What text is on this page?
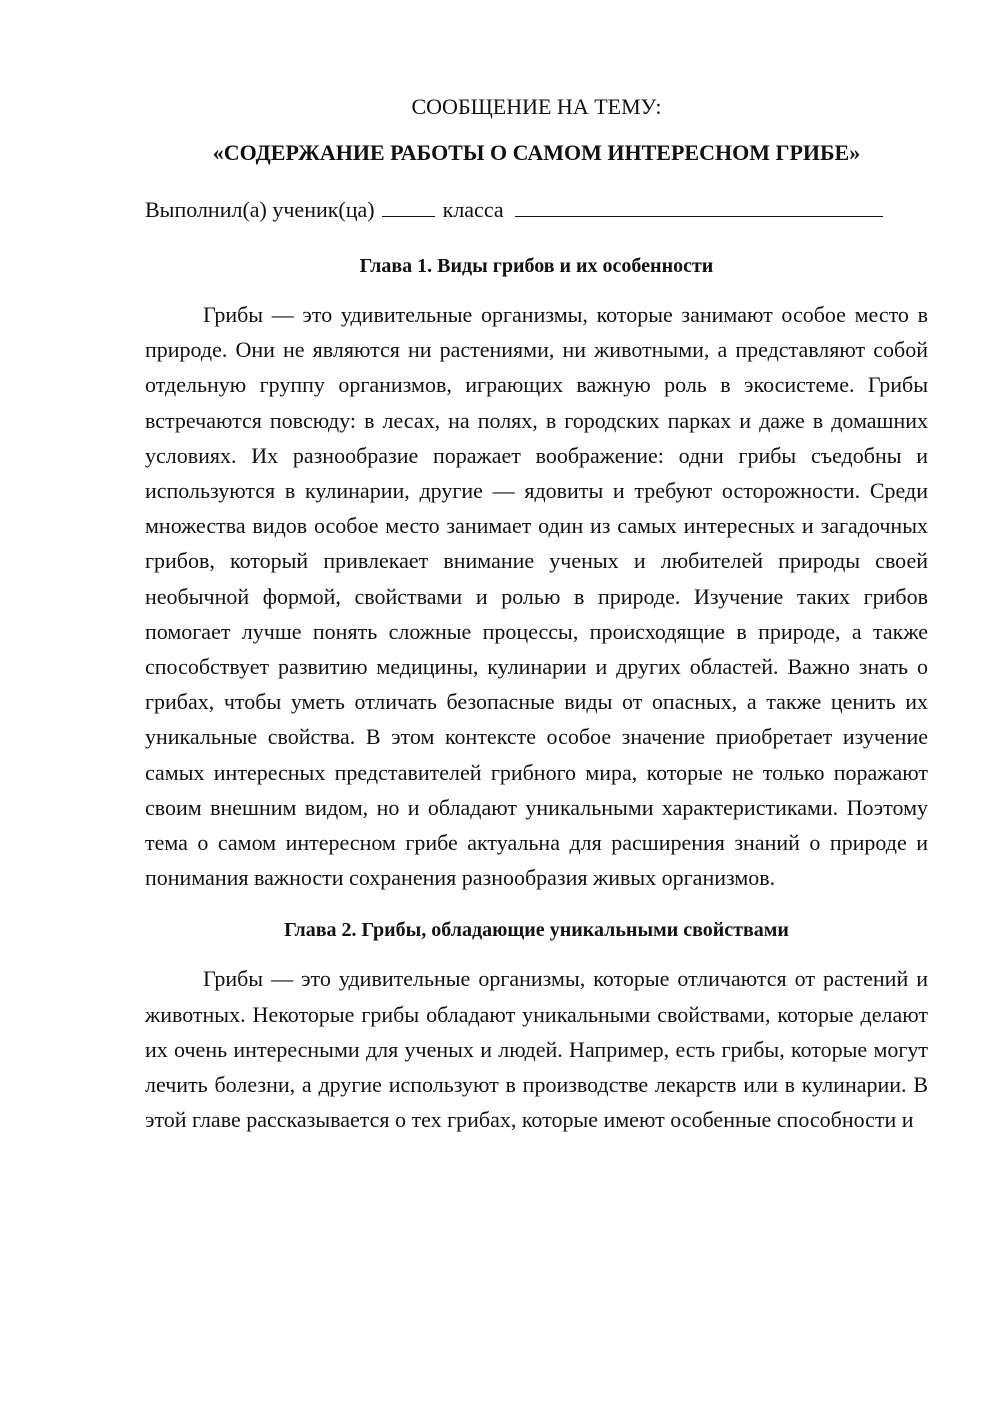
СООБЩЕНИЕ НА ТЕМУ:

«СОДЕРЖАНИЕ РАБОТЫ О САМОМ ИНТЕРЕСНОМ ГРИБЕ»

Выполнил(а) ученик(ца)	класса
Глава 1. Виды грибов и их особенности

Грибы — это удивительные организмы, которые занимают особое место в природе. Они не являются ни растениями, ни животными, а представляют собой отдельную группу организмов, играющих важную роль в экосистеме. Грибы встречаются повсюду: в лесах, на полях, в городских парках и даже в домашних условиях. Их разнообразие поражает воображение: одни грибы съедобны и используются в кулинарии, другие — ядовиты и требуют осторожности. Среди множества видов особое место занимает один из самых интересных и загадочных грибов, который привлекает внимание ученых и любителей природы своей необычной формой, свойствами и ролью в природе. Изучение таких грибов помогает лучше понять сложные процессы, происходящие в природе, а также способствует развитию медицины, кулинарии и других областей. Важно знать о грибах, чтобы уметь отличать безопасные виды от опасных, а также ценить их уникальные свойства. В этом контексте особое значение приобретает изучение самых интересных представителей грибного мира, которые не только поражают своим внешним видом, но и обладают уникальными характеристиками. Поэтому тема о самом интересном грибе актуальна для расширения знаний о природе и понимания важности сохранения разнообразия живых организмов.

Глава 2. Грибы, обладающие уникальными свойствами

Грибы — это удивительные организмы, которые отличаются от растений и животных. Некоторые грибы обладают уникальными свойствами, которые делают их очень интересными для ученых и людей. Например, есть грибы, которые могут лечить болезни, а другие используют в производстве лекарств или в кулинарии. В этой главе рассказывается о тех грибах, которые имеют особенные способности и
